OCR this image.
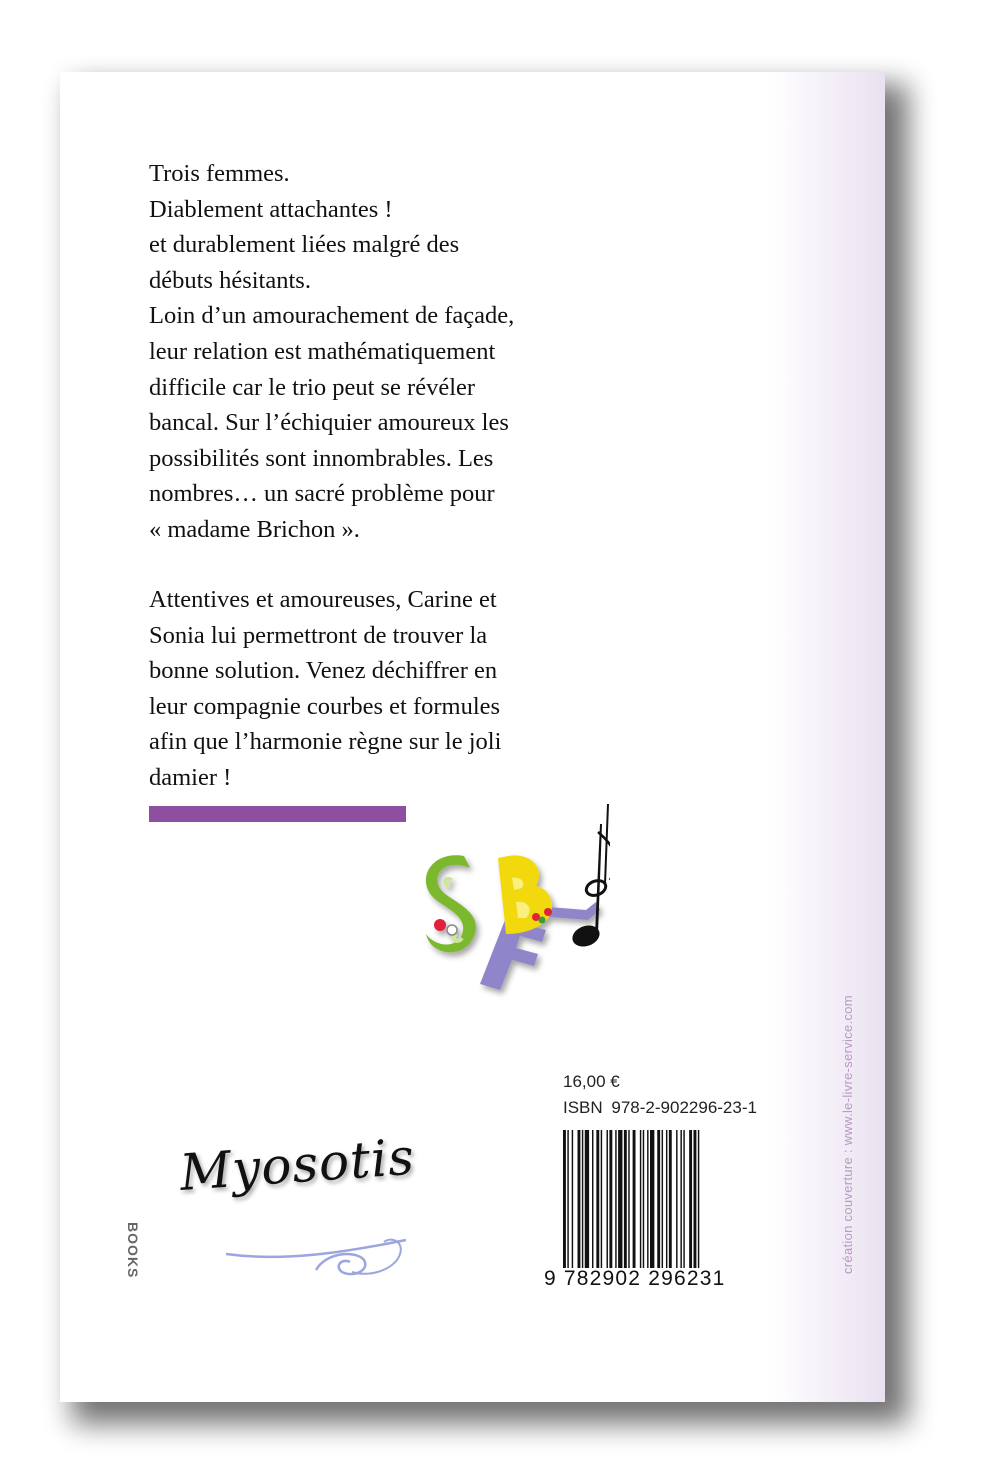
Trois femmes.
Diablement attachantes !
et durablement liées malgré des
débuts hésitants.
Loin d’un amourachement de façade,
leur relation est mathématiquement
difficile car le trio peut se révéler
bancal. Sur l’échiquier amoureux les
possibilités sont innombrables. Les
nombres… un sacré problème pour
« madame Brichon ».

Attentives et amoureuses, Carine et
Sonia lui permettront de trouver la
bonne solution. Venez déchiffrer en
leur compagnie courbes et formules
afin que l’harmonie règne sur le joli
damier !

16,00 €
ISBN 978-2-902296-23-1
9 782902 296231
Myosotis
BOOKS	création couverture : www.le-livre-service.com
